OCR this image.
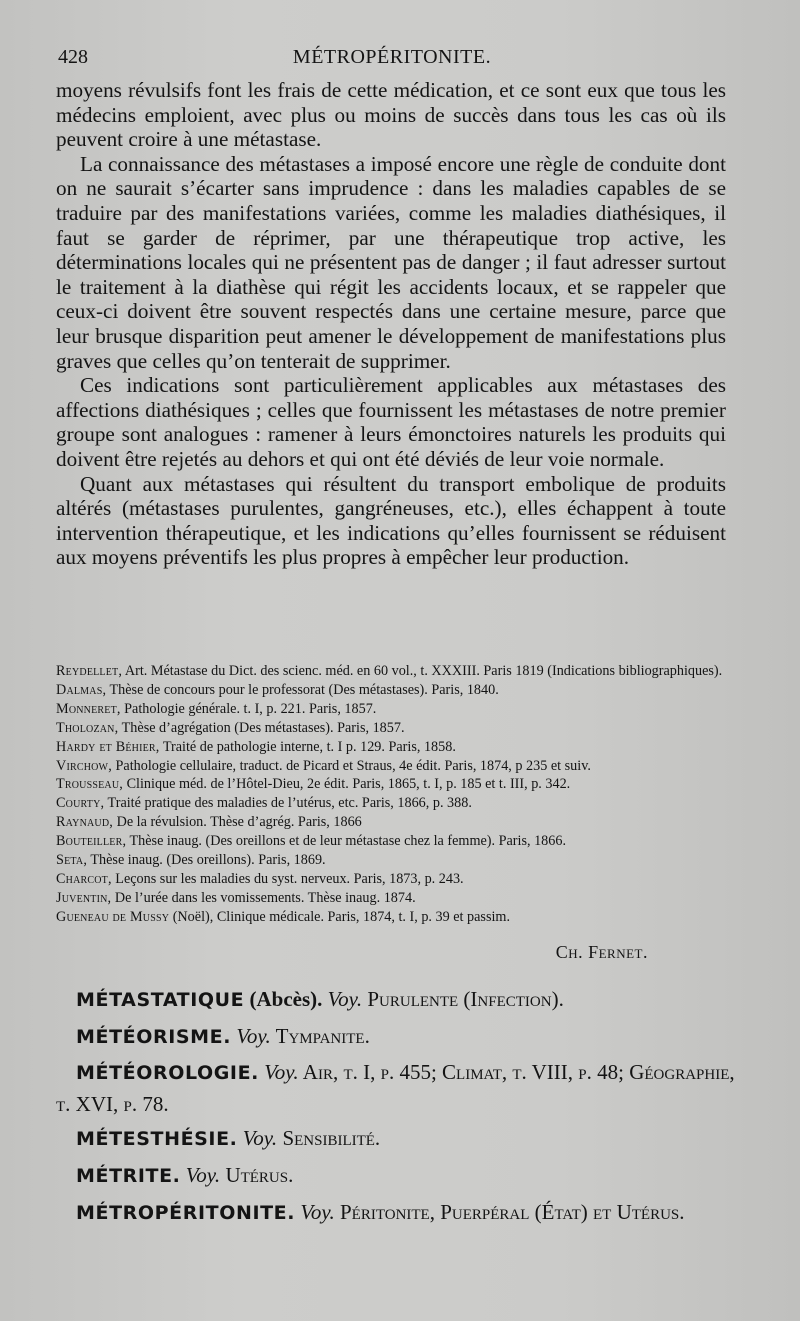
428	MÉTROPÉRITONITE.

moyens révulsifs font les frais de cette médication, et ce sont eux que tous les médecins emploient, avec plus ou moins de succès dans tous les cas où ils peuvent croire à une métastase.

La connaissance des métastases a imposé encore une règle de conduite dont on ne saurait s’écarter sans imprudence : dans les maladies capables de se traduire par des manifestations variées, comme les maladies diathésiques, il faut se garder de réprimer, par une thérapeutique trop active, les déterminations locales qui ne présentent pas de danger ; il faut adresser surtout le traitement à la diathèse qui régit les accidents locaux, et se rappeler que ceux-ci doivent être souvent respectés dans une certaine mesure, parce que leur brusque disparition peut amener le développement de manifestations plus graves que celles qu’on tenterait de supprimer.

Ces indications sont particulièrement applicables aux métastases des affections diathésiques ; celles que fournissent les métastases de notre premier groupe sont analogues : ramener à leurs émonctoires naturels les produits qui doivent être rejetés au dehors et qui ont été déviés de leur voie normale.

Quant aux métastases qui résultent du transport embolique de produits altérés (métastases purulentes, gangréneuses, etc.), elles échappent à toute intervention thérapeutique, et les indications qu’elles fournissent se réduisent aux moyens préventifs les plus propres à empêcher leur production.

Reydellet, Art. Métastase du Dict. des scienc. méd. en 60 vol., t. XXXIII. Paris 1819 (Indications bibliographiques).
Dalmas, Thèse de concours pour le professorat (Des métastases). Paris, 1840.
Monneret, Pathologie générale. t. I, p. 221. Paris, 1857.
Tholozan, Thèse d’agrégation (Des métastases). Paris, 1857.
Hardy et Béhier, Traité de pathologie interne, t. I p. 129. Paris, 1858.
Virchow, Pathologie cellulaire, traduct. de Picard et Straus, 4e édit. Paris, 1874, p 235 et suiv.
Trousseau, Clinique méd. de l’Hôtel-Dieu, 2e édit. Paris, 1865, t. I, p. 185 et t. III, p. 342.
Courty, Traité pratique des maladies de l’utérus, etc. Paris, 1866, p. 388.
Raynaud, De la révulsion. Thèse d’agrég. Paris, 1866
Bouteiller, Thèse inaug. (Des oreillons et de leur métastase chez la femme). Paris, 1866.
Seta, Thèse inaug. (Des oreillons). Paris, 1869.
Charcot, Leçons sur les maladies du syst. nerveux. Paris, 1873, p. 243.
Juventin, De l’urée dans les vomissements. Thèse inaug. 1874.
Gueneau de Mussy (Noël), Clinique médicale. Paris, 1874, t. I, p. 39 et passim.
Ch. Fernet.
MÉTASTATIQUE (Abcès). Voy. Purulente (Infection).
MÉTÉORISME. Voy. Tympanite.
MÉTÉOROLOGIE. Voy. Air, t. I, p. 455; Climat, t. VIII, p. 48; Géographie, t. XVI, p. 78.
MÉTESTHÉSIE. Voy. Sensibilité.
MÉTRITE. Voy. Utérus.
MÉTROPÉRITONITE. Voy. Péritonite, Puerpéral (État) et Utérus.
